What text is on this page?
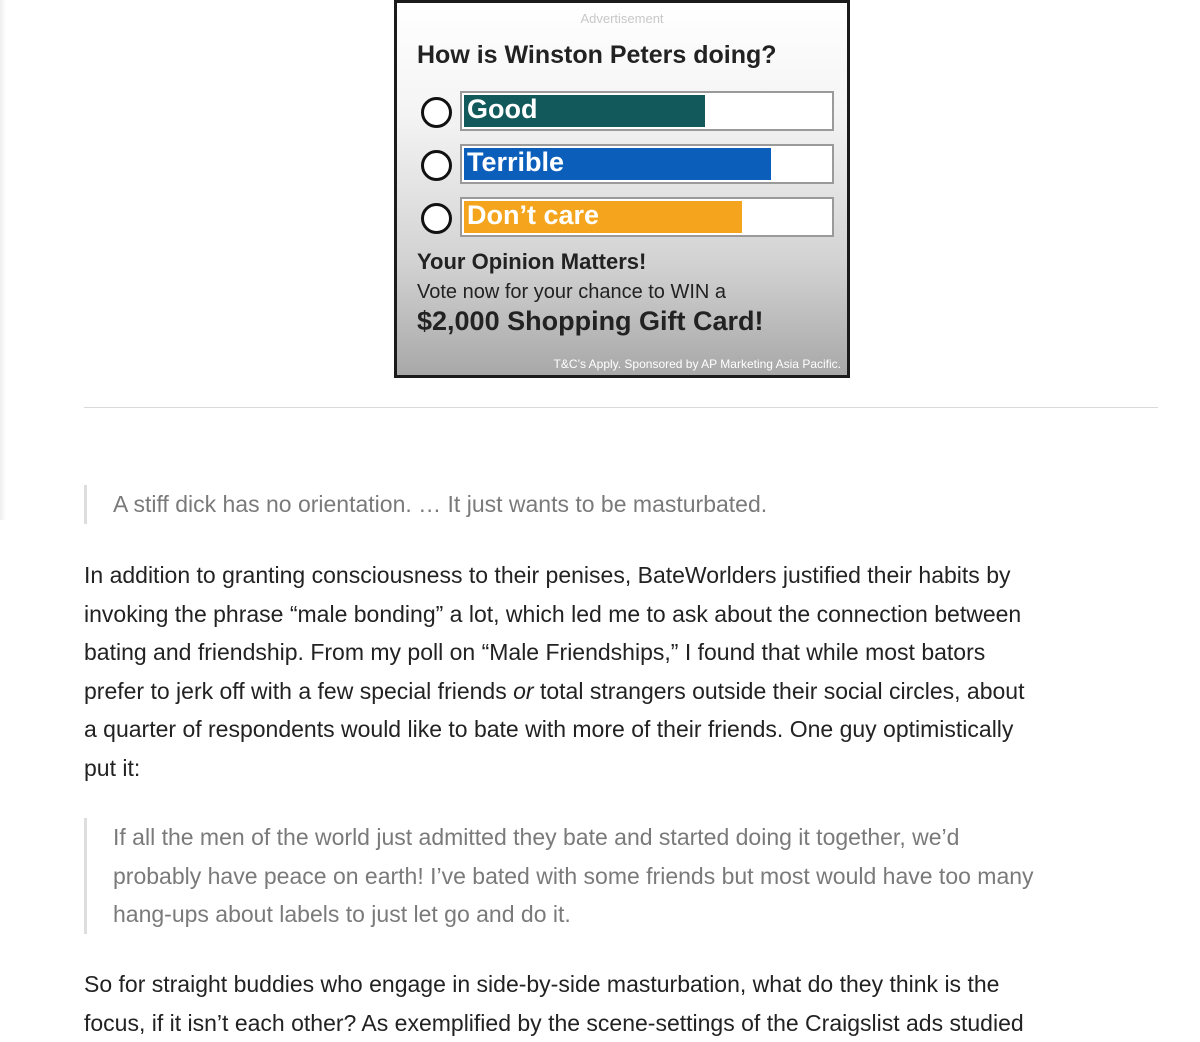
Advertisement
How is Winston Peters doing?
Good
Terrible
Don’t care
Your Opinion Matters!
Vote now for your chance to WIN a
$2,000 Shopping Gift Card!
T&C’s Apply. Sponsored by AP Marketing Asia Pacific.
A stiff dick has no orientation. … It just wants to be masturbated.
In addition to granting consciousness to their penises, BateWorlders justified their habits by
invoking the phrase “male bonding” a lot, which led me to ask about the connection between
bating and friendship. From my poll on “Male Friendships,” I found that while most bators
prefer to jerk off with a few special friends or total strangers outside their social circles, about
a quarter of respondents would like to bate with more of their friends. One guy optimistically
put it:
If all the men of the world just admitted they bate and started doing it together, we’d
probably have peace on earth! I’ve bated with some friends but most would have too many
hang-ups about labels to just let go and do it.
So for straight buddies who engage in side-by-side masturbation, what do they think is the
focus, if it isn’t each other? As exemplified by the scene-settings of the Craigslist ads studied
